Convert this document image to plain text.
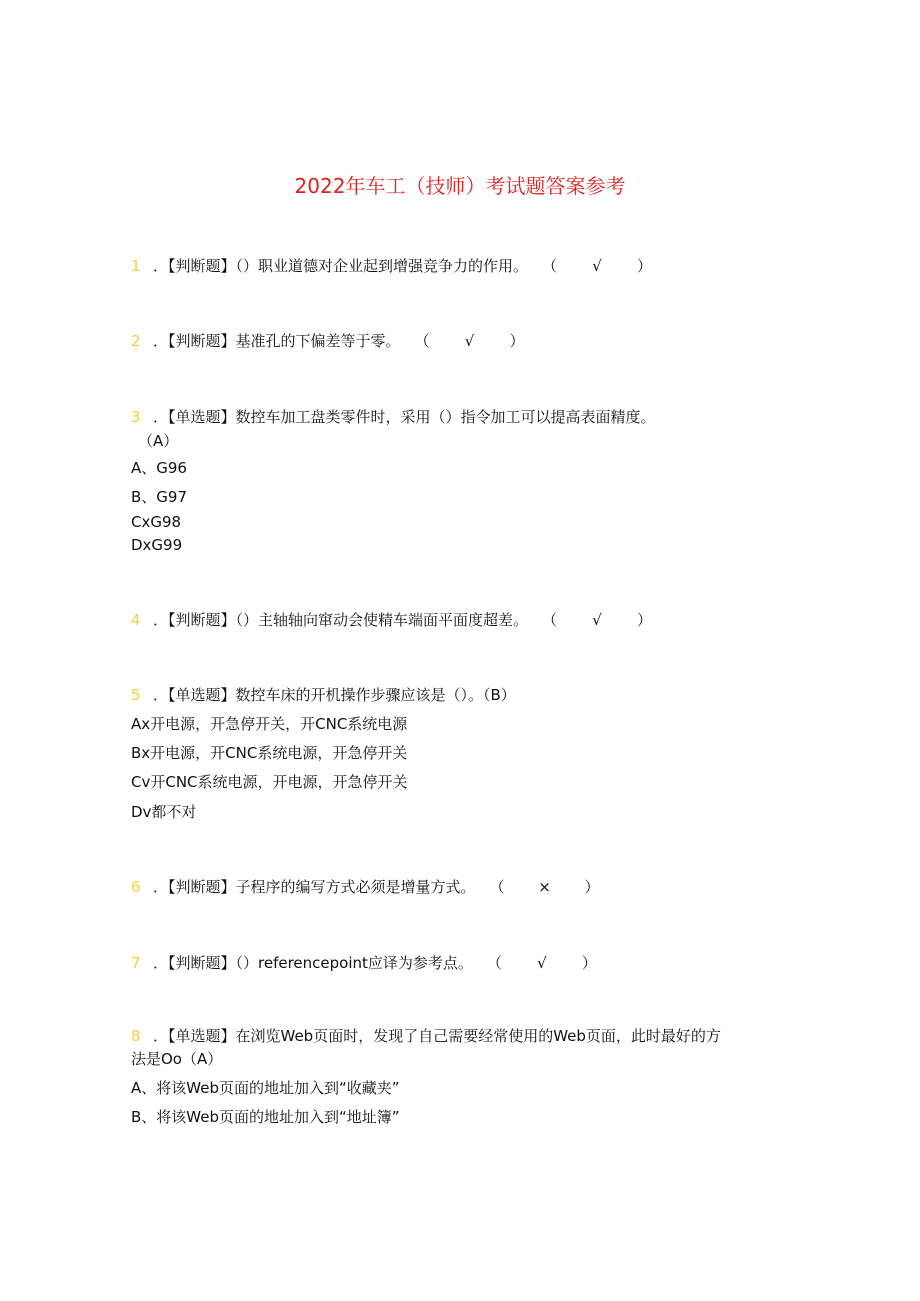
2022年车工（技师）考试题答案参考
1 ．【判断题】（）职业道德对企业起到增强竞争力的作用。 （ √ ）
2 ．【判断题】基准孔的下偏差等于零。 （ √ ）
3 ．【单选题】数控车加工盘类零件时，采用（）指令加工可以提高表面精度。
（A）
A、G96
B、G97
CxG98
DxG99
4 ．【判断题】（）主轴轴向窜动会使精车端面平面度超差。 （ √ ）
5 ．【单选题】数控车床的开机操作步骤应该是（）。（B）
Ax开电源，开急停开关，开CNC系统电源
Bx开电源，开CNC系统电源，开急停开关
Cv开CNC系统电源，开电源，开急停开关
Dv都不对
6 ．【判断题】子程序的编写方式必须是增量方式。 （ × ）
7 ．【判断题】（）referencepoint应译为参考点。 （ √ ）
8 ．【单选题】在浏览Web页面时，发现了自己需要经常使用的Web页面，此时最好的方
法是Oo（A）
A、将该Web页面的地址加入到“收藏夹”
B、将该Web页面的地址加入到“地址簿”
